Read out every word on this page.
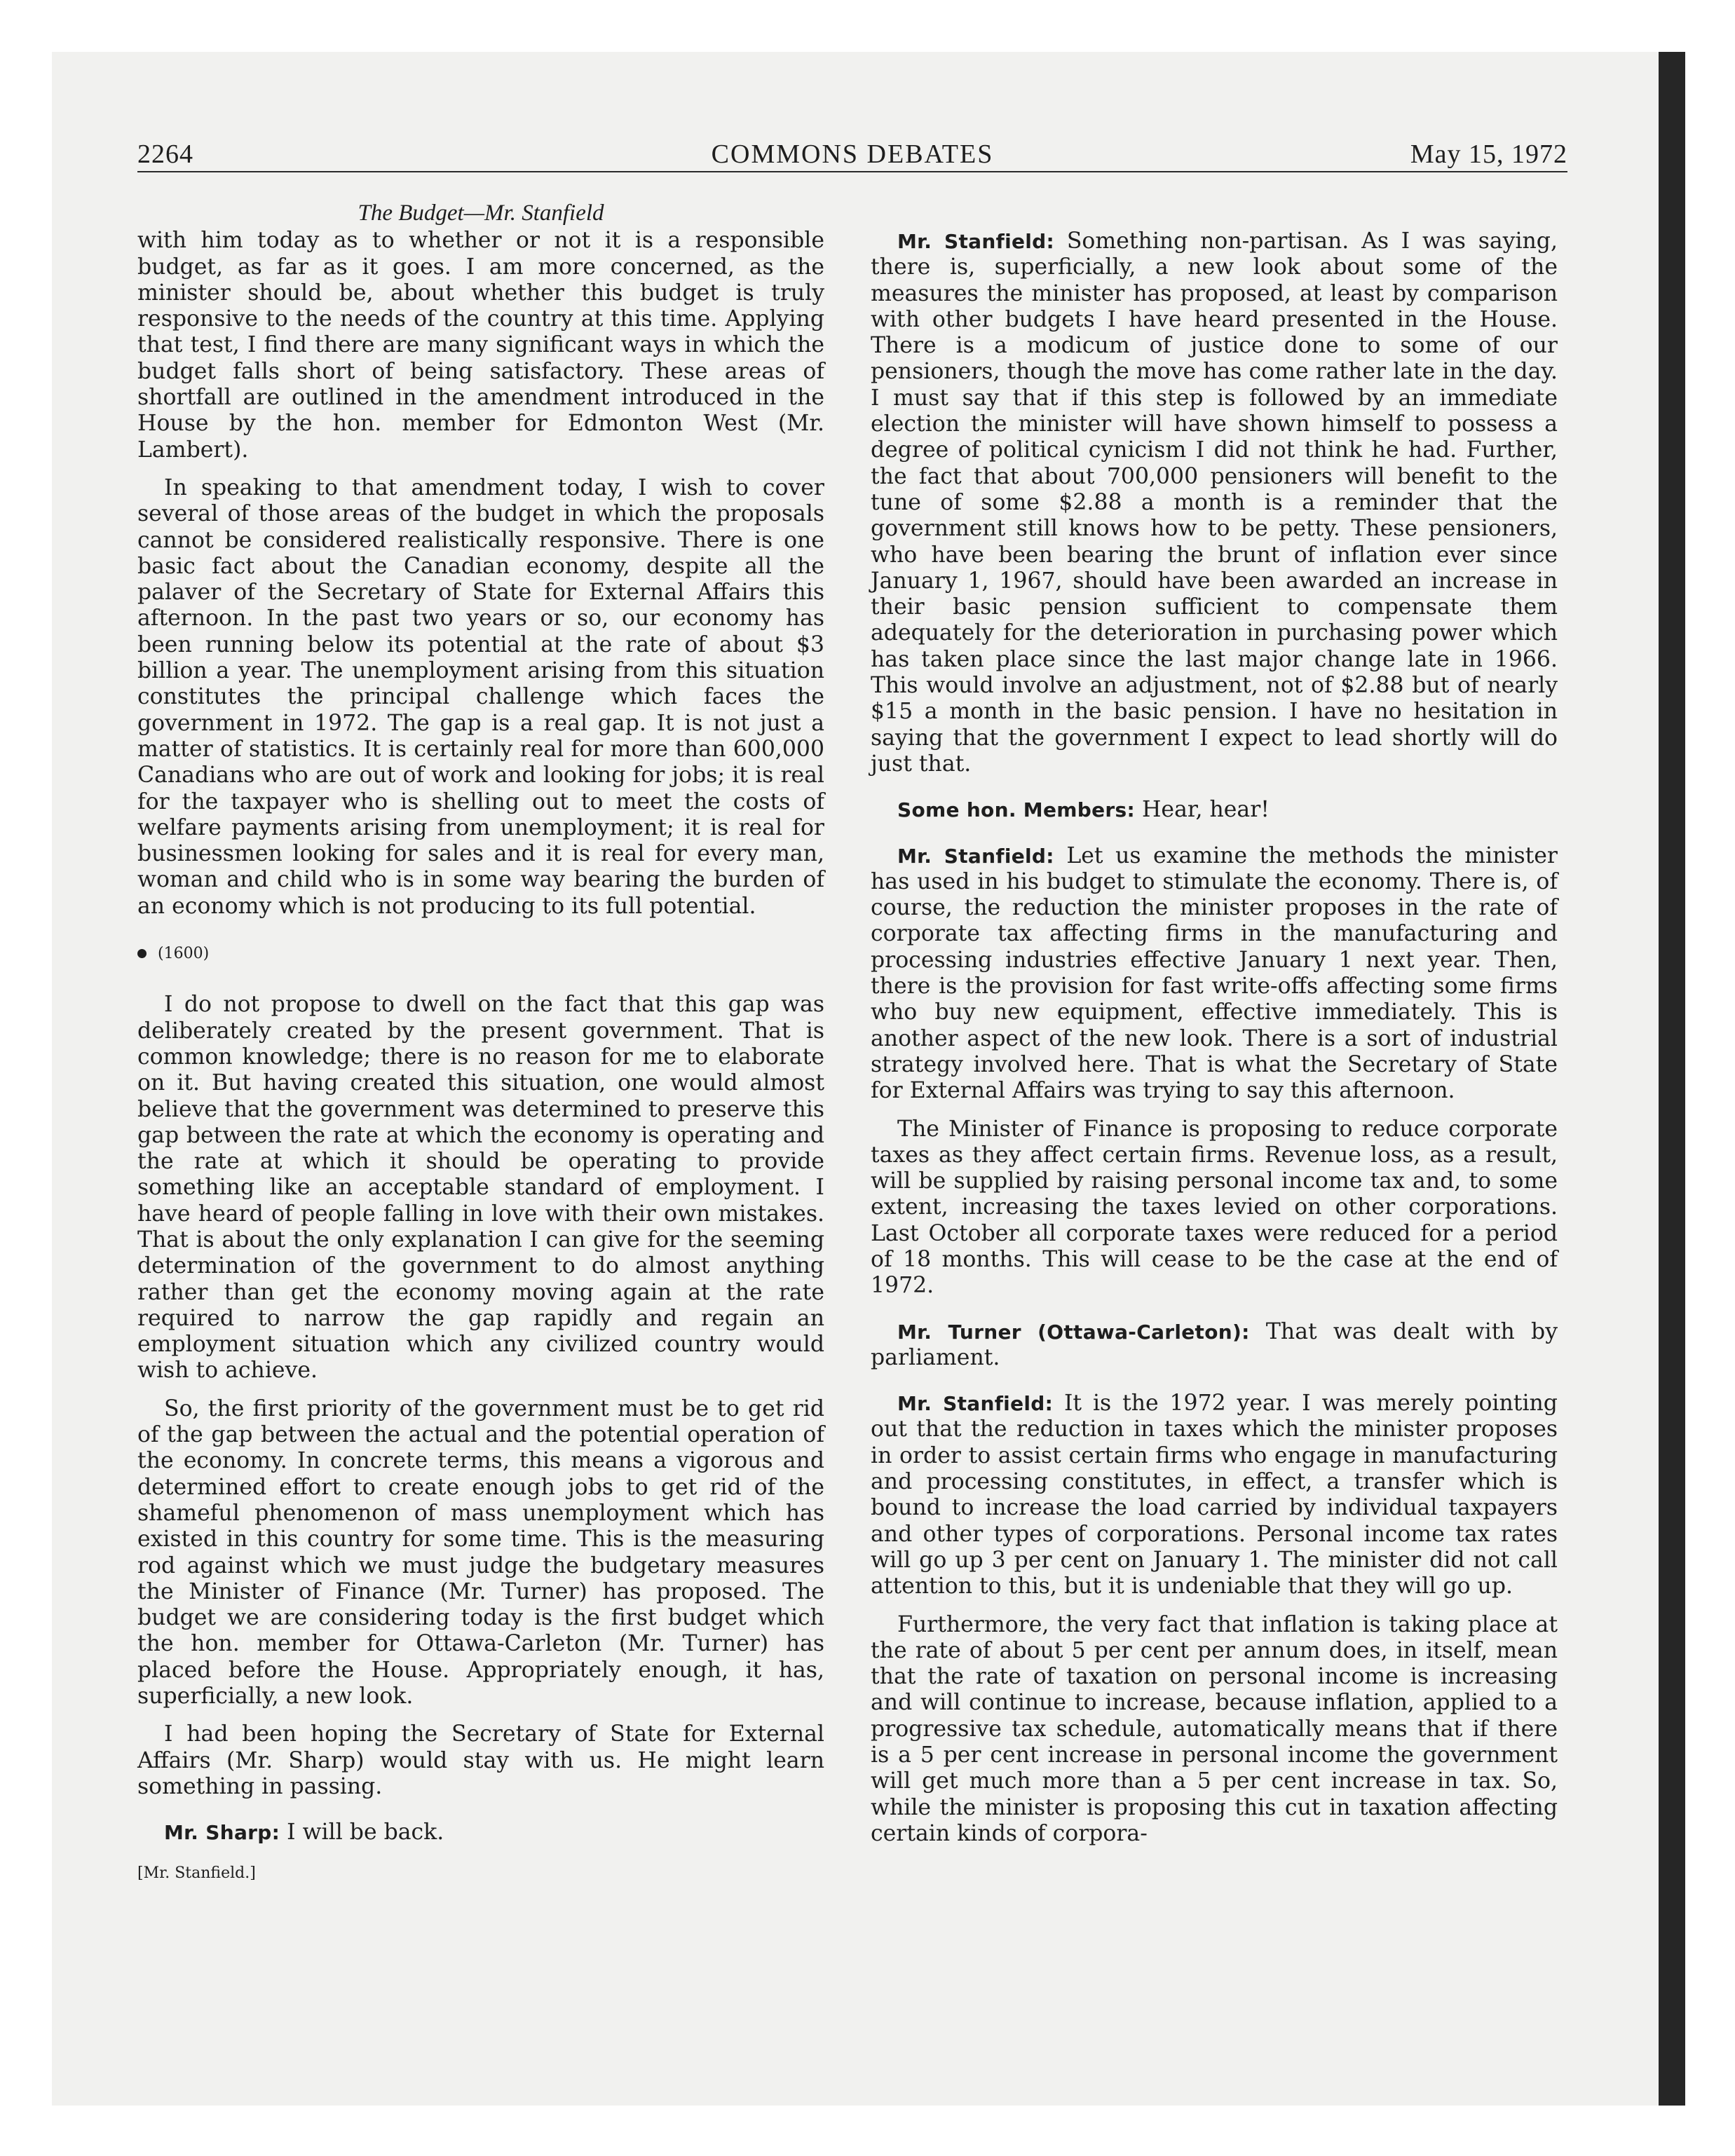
2264	COMMONS DEBATES	May 15, 1972
The Budget—Mr. Stanfield

with him today as to whether or not it is a responsible budget, as far as it goes. I am more concerned, as the minister should be, about whether this budget is truly responsive to the needs of the country at this time. Applying that test, I find there are many significant ways in which the budget falls short of being satisfactory. These areas of shortfall are outlined in the amendment introduced in the House by the hon. member for Edmonton West (Mr. Lambert).

In speaking to that amendment today, I wish to cover several of those areas of the budget in which the proposals cannot be considered realistically responsive. There is one basic fact about the Canadian economy, despite all the palaver of the Secretary of State for External Affairs this afternoon. In the past two years or so, our economy has been running below its potential at the rate of about $3 billion a year. The unemployment arising from this situation constitutes the principal challenge which faces the government in 1972. The gap is a real gap. It is not just a matter of statistics. It is certainly real for more than 600,000 Canadians who are out of work and looking for jobs; it is real for the taxpayer who is shelling out to meet the costs of welfare payments arising from unemployment; it is real for businessmen looking for sales and it is real for every man, woman and child who is in some way bearing the burden of an economy which is not producing to its full potential.

(1600)

I do not propose to dwell on the fact that this gap was deliberately created by the present government. That is common knowledge; there is no reason for me to elaborate on it. But having created this situation, one would almost believe that the government was determined to preserve this gap between the rate at which the economy is operating and the rate at which it should be operating to provide something like an acceptable standard of employment. I have heard of people falling in love with their own mistakes. That is about the only explanation I can give for the seeming determination of the government to do almost anything rather than get the economy moving again at the rate required to narrow the gap rapidly and regain an employment situation which any civilized country would wish to achieve.

So, the first priority of the government must be to get rid of the gap between the actual and the potential operation of the economy. In concrete terms, this means a vigorous and determined effort to create enough jobs to get rid of the shameful phenomenon of mass unemployment which has existed in this country for some time. This is the measuring rod against which we must judge the budgetary measures the Minister of Finance (Mr. Turner) has proposed. The budget we are considering today is the first budget which the hon. member for Ottawa-Carleton (Mr. Turner) has placed before the House. Appropriately enough, it has, superficially, a new look.

I had been hoping the Secretary of State for External Affairs (Mr. Sharp) would stay with us. He might learn something in passing.

Mr. Sharp: I will be back.

[Mr. Stanfield.]

Mr. Stanfield: Something non-partisan. As I was saying, there is, superficially, a new look about some of the measures the minister has proposed, at least by comparison with other budgets I have heard presented in the House. There is a modicum of justice done to some of our pensioners, though the move has come rather late in the day. I must say that if this step is followed by an immediate election the minister will have shown himself to possess a degree of political cynicism I did not think he had. Further, the fact that about 700,000 pensioners will benefit to the tune of some $2.88 a month is a reminder that the government still knows how to be petty. These pensioners, who have been bearing the brunt of inflation ever since January 1, 1967, should have been awarded an increase in their basic pension sufficient to compensate them adequately for the deterioration in purchasing power which has taken place since the last major change late in 1966. This would involve an adjustment, not of $2.88 but of nearly $15 a month in the basic pension. I have no hesitation in saying that the government I expect to lead shortly will do just that.

Some hon. Members: Hear, hear!

Mr. Stanfield: Let us examine the methods the minister has used in his budget to stimulate the economy. There is, of course, the reduction the minister proposes in the rate of corporate tax affecting firms in the manufacturing and processing industries effective January 1 next year. Then, there is the provision for fast write-offs affecting some firms who buy new equipment, effective immediately. This is another aspect of the new look. There is a sort of industrial strategy involved here. That is what the Secretary of State for External Affairs was trying to say this afternoon.

The Minister of Finance is proposing to reduce corporate taxes as they affect certain firms. Revenue loss, as a result, will be supplied by raising personal income tax and, to some extent, increasing the taxes levied on other corporations. Last October all corporate taxes were reduced for a period of 18 months. This will cease to be the case at the end of 1972.

Mr. Turner (Ottawa-Carleton): That was dealt with by parliament.

Mr. Stanfield: It is the 1972 year. I was merely pointing out that the reduction in taxes which the minister proposes in order to assist certain firms who engage in manufacturing and processing constitutes, in effect, a transfer which is bound to increase the load carried by individual taxpayers and other types of corporations. Personal income tax rates will go up 3 per cent on January 1. The minister did not call attention to this, but it is undeniable that they will go up.

Furthermore, the very fact that inflation is taking place at the rate of about 5 per cent per annum does, in itself, mean that the rate of taxation on personal income is increasing and will continue to increase, because inflation, applied to a progressive tax schedule, automatically means that if there is a 5 per cent increase in personal income the government will get much more than a 5 per cent increase in tax. So, while the minister is proposing this cut in taxation affecting certain kinds of corpora-
